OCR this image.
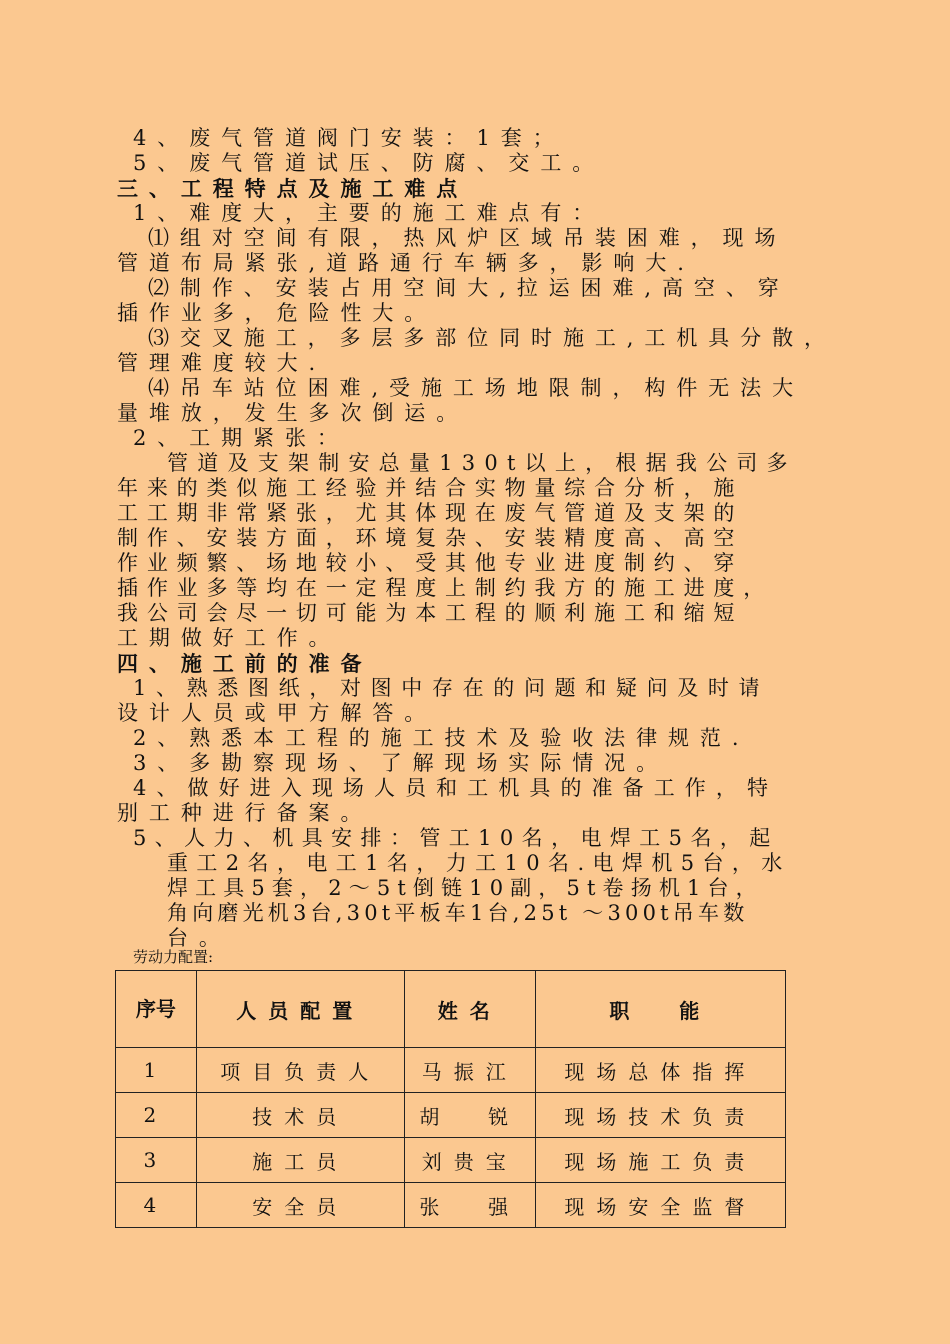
4、废气管道阀门安装：1套；
5、废气管道试压、防腐、交工。
三、工程特点及施工难点
1、难度大，主要的施工难点有：
⑴组对空间有限，热风炉区域吊装困难，现场
管道布局紧张,道路通行车辆多，影响大.
⑵制作、安装占用空间大,拉运困难,高空、穿
插作业多，危险性大。
⑶交叉施工，多层多部位同时施工,工机具分散，
管理难度较大.
⑷吊车站位困难,受施工场地限制，构件无法大
量堆放，发生多次倒运。
2、工期紧张：
管道及支架制安总量130t以上，根据我公司多
年来的类似施工经验并结合实物量综合分析，施
工工期非常紧张，尤其体现在废气管道及支架的
制作、安装方面，环境复杂、安装精度高、高空
作业频繁、场地较小、受其他专业进度制约、穿
插作业多等均在一定程度上制约我方的施工进度，
我公司会尽一切可能为本工程的顺利施工和缩短
工期做好工作。
四、施工前的准备
1、熟悉图纸，对图中存在的问题和疑问及时请
设计人员或甲方解答。
2、熟悉本工程的施工技术及验收法律规范.
3、多勘察现场、了解现场实际情况。
4、做好进入现场人员和工机具的准备工作，特
别工种进行备案。
5、人力、机具安排：管工10名，电焊工5名，起
重工2名，电工1名，力工10名.电焊机5台，水
焊工具5套，2～5t倒链10副，5t卷扬机1台，
角向磨光机3台,30t平板车1台,25t ～300t吊车数
台。
劳动力配置:
序号	人员配置	姓名	职  能
1	项目负责人	马振江	现场总体指挥
2	技术员	胡  锐	现场技术负责
3	施工员	刘贵宝	现场施工负责
4	安全员	张  强	现场安全监督
